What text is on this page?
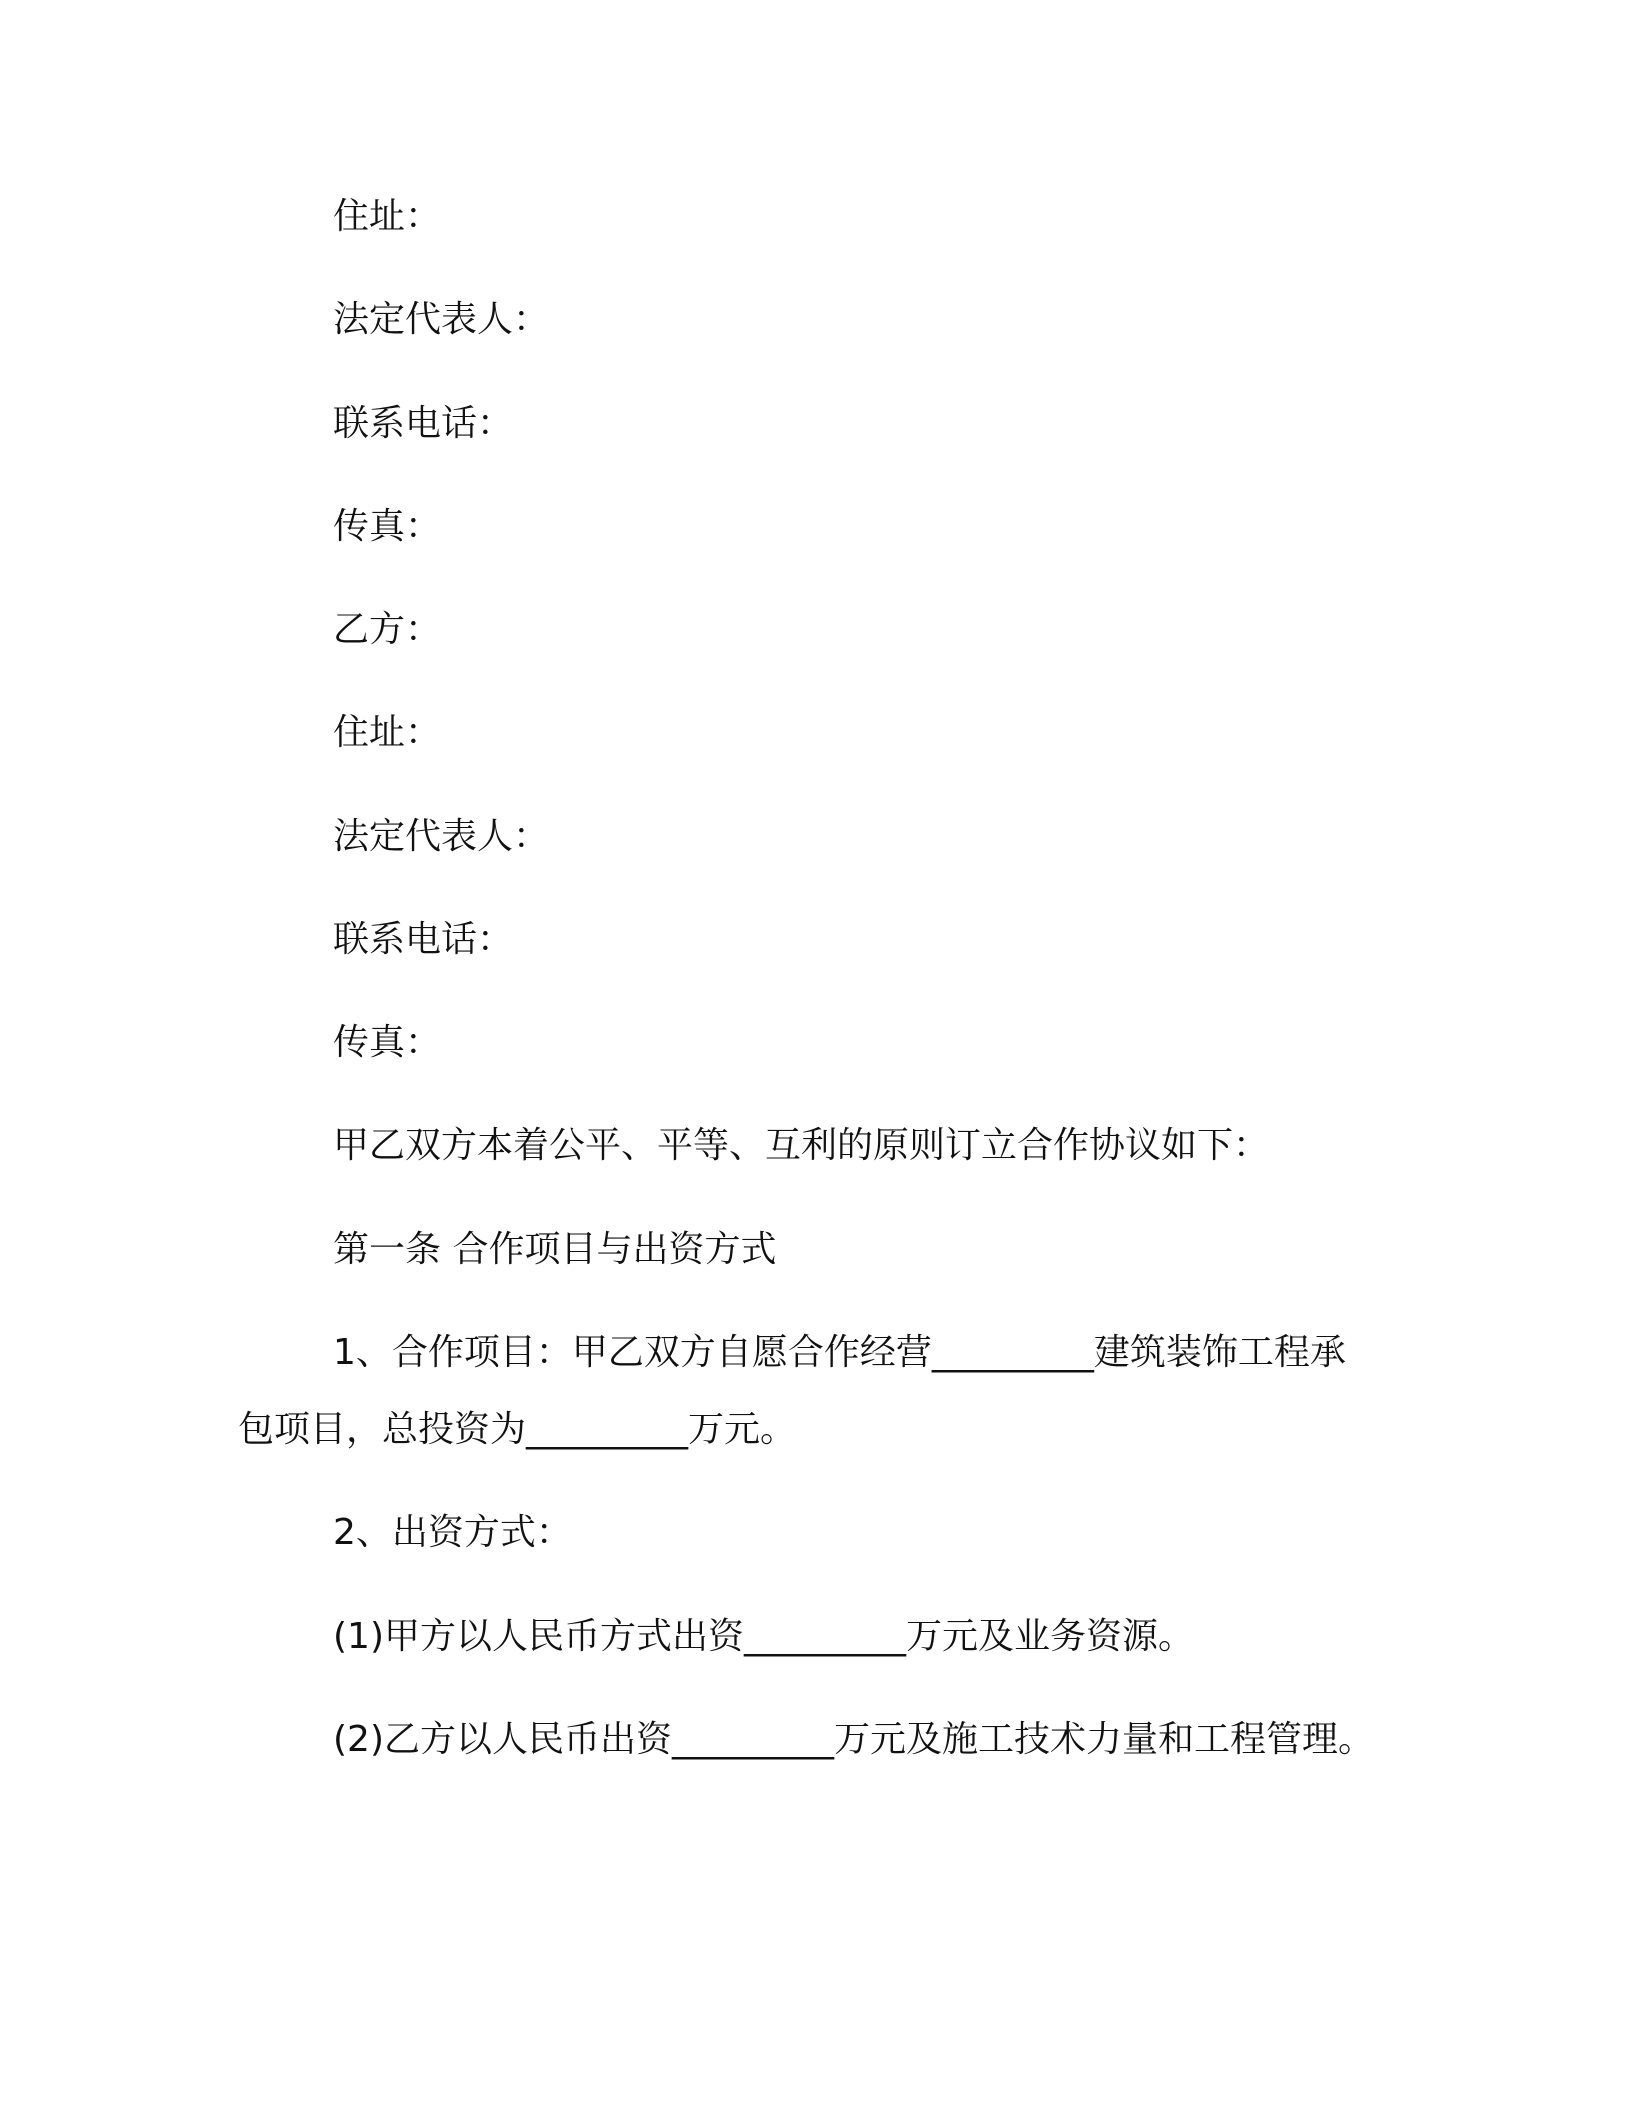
住址：

法定代表人：

联系电话：

传真：

乙方：

住址：

法定代表人：

联系电话：

传真：

甲乙双方本着公平、平等、互利的原则订立合作协议如下：

第一条 合作项目与出资方式

1、合作项目：甲乙双方自愿合作经营_________建筑装饰工程承

包项目，总投资为_________万元。

2、出资方式：

(1)甲方以人民币方式出资_________万元及业务资源。

(2)乙方以人民币出资_________万元及施工技术力量和工程管理。
